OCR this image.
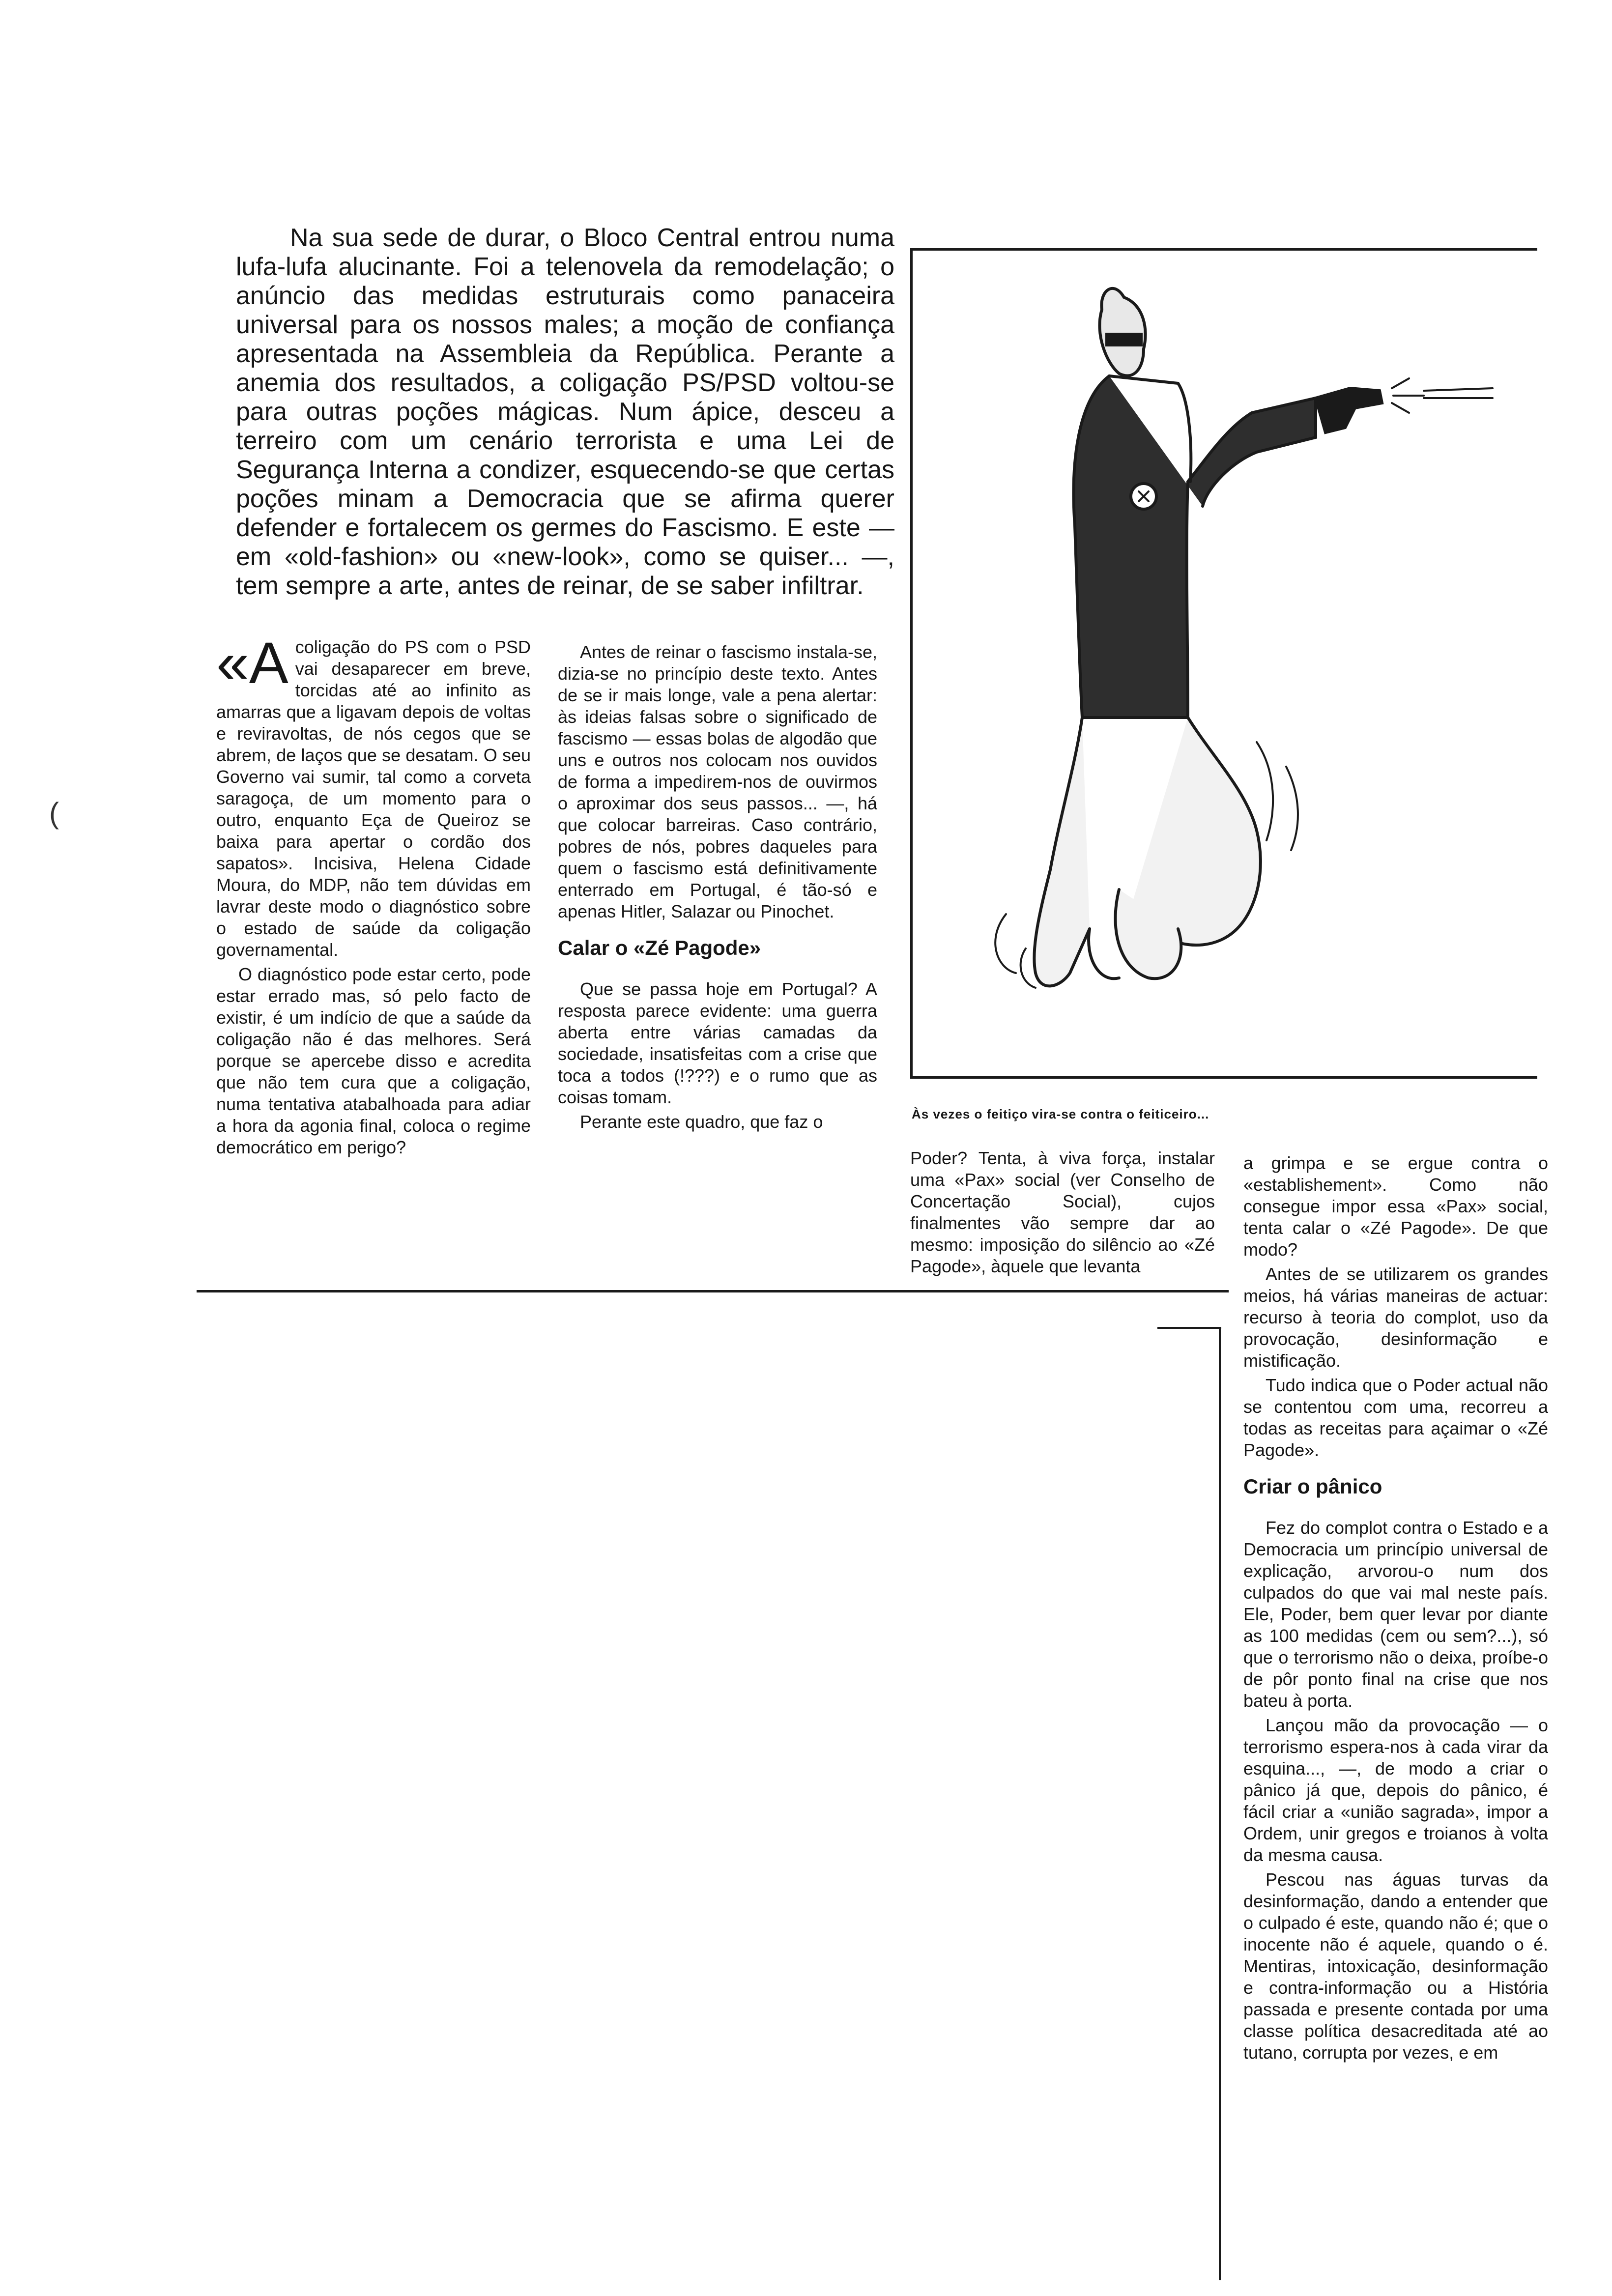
(

Na sua sede de durar, o Bloco Central entrou numa lufa-lufa alucinante. Foi a telenovela da remodelação; o anúncio das medidas estruturais como panaceira universal para os nossos males; a moção de confiança apresentada na Assembleia da República. Perante a anemia dos resultados, a coligação PS/PSD voltou-se para outras poções mágicas. Num ápice, desceu a terreiro com um cenário terrorista e uma Lei de Segurança Interna a condizer, esquecendo-se que certas poções minam a Democracia que se afirma querer defender e fortalecem os germes do Fascismo. E este — em «old-fashion» ou «new-look», como se quiser... —, tem sempre a arte, antes de reinar, de se saber infiltrar.

«Acoligação do PS com o PSD vai desaparecer em breve, torcidas até ao infinito as amarras que a ligavam depois de voltas e reviravoltas, de nós cegos que se abrem, de laços que se desatam. O seu Governo vai sumir, tal como a corveta saragoça, de um momento para o outro, enquanto Eça de Queiroz se baixa para apertar o cordão dos sapatos». Incisiva, Helena Cidade Moura, do MDP, não tem dúvidas em lavrar deste modo o diagnóstico sobre o estado de saúde da coligação governamental.

O diagnóstico pode estar certo, pode estar errado mas, só pelo facto de existir, é um indício de que a saúde da coligação não é das melhores. Será porque se apercebe disso e acredita que não tem cura que a coligação, numa tentativa atabalhoada para adiar a hora da agonia final, coloca o regime democrático em perigo?

Antes de reinar o fascismo instala-se, dizia-se no princípio deste texto. Antes de se ir mais longe, vale a pena alertar: às ideias falsas sobre o significado de fascismo — essas bolas de algodão que uns e outros nos colocam nos ouvidos de forma a impedirem-nos de ouvirmos o aproximar dos seus passos... —, há que colocar barreiras. Caso contrário, pobres de nós, pobres daqueles para quem o fascismo está definitivamente enterrado em Portugal, é tão-só e apenas Hitler, Salazar ou Pinochet.

Calar o «Zé Pagode»

Que se passa hoje em Portugal? A resposta parece evidente: uma guerra aberta entre várias camadas da sociedade, insatisfeitas com a crise que toca a todos (!???) e o rumo que as coisas tomam.

Perante este quadro, que faz o	Às vezes o feitiço vira-se contra o feiticeiro...

Poder? Tenta, à viva força, instalar uma «Pax» social (ver Conselho de Concertação Social), cujos finalmentes vão sempre dar ao mesmo: imposição do silêncio ao «Zé Pagode», àquele que levanta

a grimpa e se ergue contra o «establishement». Como não consegue impor essa «Pax» social, tenta calar o «Zé Pagode». De que modo?

Antes de se utilizarem os grandes meios, há várias maneiras de actuar: recurso à teoria do complot, uso da provocação, desinformação e mistificação.

Tudo indica que o Poder actual não se contentou com uma, recorreu a todas as receitas para açaimar o «Zé Pagode».

Criar o pânico

Fez do complot contra o Estado e a Democracia um princípio universal de explicação, arvorou-o num dos culpados do que vai mal neste país. Ele, Poder, bem quer levar por diante as 100 medidas (cem ou sem?...), só que o terrorismo não o deixa, proíbe-o de pôr ponto final na crise que nos bateu à porta.

Lançou mão da provocação — o terrorismo espera-nos à cada virar da esquina..., —, de modo a criar o pânico já que, depois do pânico, é fácil criar a «união sagrada», impor a Ordem, unir gregos e troianos à volta da mesma causa.

Pescou nas águas turvas da desinformação, dando a entender que o culpado é este, quando não é; que o inocente não é aquele, quando o é. Mentiras, intoxicação, desinformação e contra-informação ou a História passada e presente contada por uma classe política desacreditada até ao tutano, corrupta por vezes, e em
